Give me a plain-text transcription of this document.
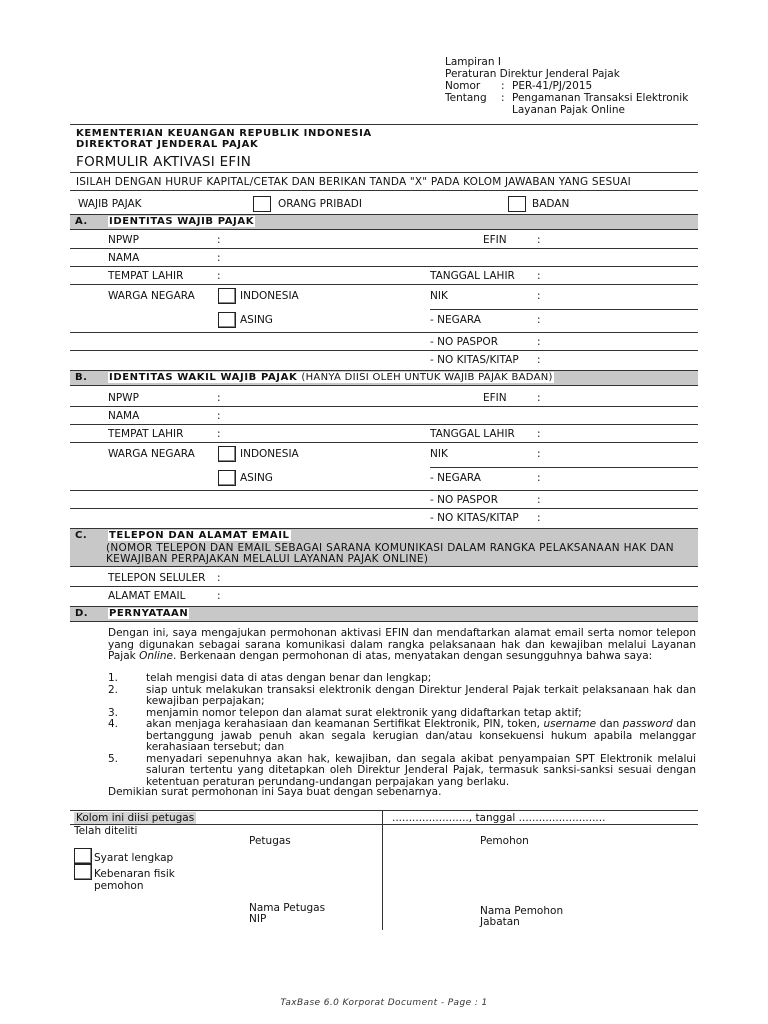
Lampiran I
Peraturan Direktur Jenderal Pajak
Nomor : PER-41/PJ/2015
Tentang : Pengamanan Transaksi Elektronik
Layanan Pajak Online
KEMENTERIAN KEUANGAN REPUBLIK INDONESIA
DIREKTORAT JENDERAL PAJAK
FORMULIR AKTIVASI EFIN
ISILAH DENGAN HURUF KAPITAL/CETAK DAN BERIKAN TANDA "X" PADA KOLOM JAWABAN YANG SESUAI
WAJIB PAJAK	ORANG PRIBADI	BADAN
A. IDENTITAS WAJIB PAJAK
NPWP	:	EFIN	:
NAMA	:
TEMPAT LAHIR	:	TANGGAL LAHIR :
WARGA NEGARA	INDONESIA	NIK	:
ASING	- NEGARA	:
- NO PASPOR	:
- NO KITAS/KITAP :
B. IDENTITAS WAKIL WAJIB PAJAK (HANYA DIISI OLEH UNTUK WAJIB PAJAK BADAN)
NPWP	:	EFIN	:
NAMA	:
TEMPAT LAHIR	:	TANGGAL LAHIR :
WARGA NEGARA	INDONESIA	NIK	:
ASING	- NEGARA	:
- NO PASPOR	:
- NO KITAS/KITAP :
C. TELEPON DAN ALAMAT EMAIL
(NOMOR TELEPON DAN EMAIL SEBAGAI SARANA KOMUNIKASI DALAM RANGKA PELAKSANAAN HAK DAN
KEWAJIBAN PERPAJAKAN MELALUI LAYANAN PAJAK ONLINE)
TELEPON SELULER :
ALAMAT EMAIL	:
D. PERNYATAAN
Dengan ini, saya mengajukan permohonan aktivasi EFIN dan mendaftarkan alamat email serta nomor telepon yang digunakan sebagai sarana komunikasi dalam rangka pelaksanaan hak dan kewajiban melalui Layanan Pajak Online. Berkenaan dengan permohonan di atas, menyatakan dengan sesungguhnya bahwa saya:
1.	telah mengisi data di atas dengan benar dan lengkap;
2.	siap untuk melakukan transaksi elektronik dengan Direktur Jenderal Pajak terkait pelaksanaan hak dan kewajiban perpajakan;
3.	menjamin nomor telepon dan alamat surat elektronik yang didaftarkan tetap aktif;
4.	akan menjaga kerahasiaan dan keamanan Sertifikat Elektronik, PIN, token, username dan password dan bertanggung jawab penuh akan segala kerugian dan/atau konsekuensi hukum apabila melanggar kerahasiaan tersebut; dan
5.	menyadari sepenuhnya akan hak, kewajiban, dan segala akibat penyampaian SPT Elektronik melalui saluran tertentu yang ditetapkan oleh Direktur Jenderal Pajak, termasuk sanksi-sanksi sesuai dengan ketentuan peraturan perundang-undangan perpajakan yang berlaku.
Demikian surat permohonan ini Saya buat dengan sebenarnya.
Kolom ini diisi petugas	......................., tanggal ..........................
Telah diteliti
Petugas	Pemohon
Syarat lengkap
Kebenaran fisik
pemohon
Nama Petugas
NIP
Nama Pemohon
Jabatan
TaxBase 6.0 Korporat Document - Page : 1
